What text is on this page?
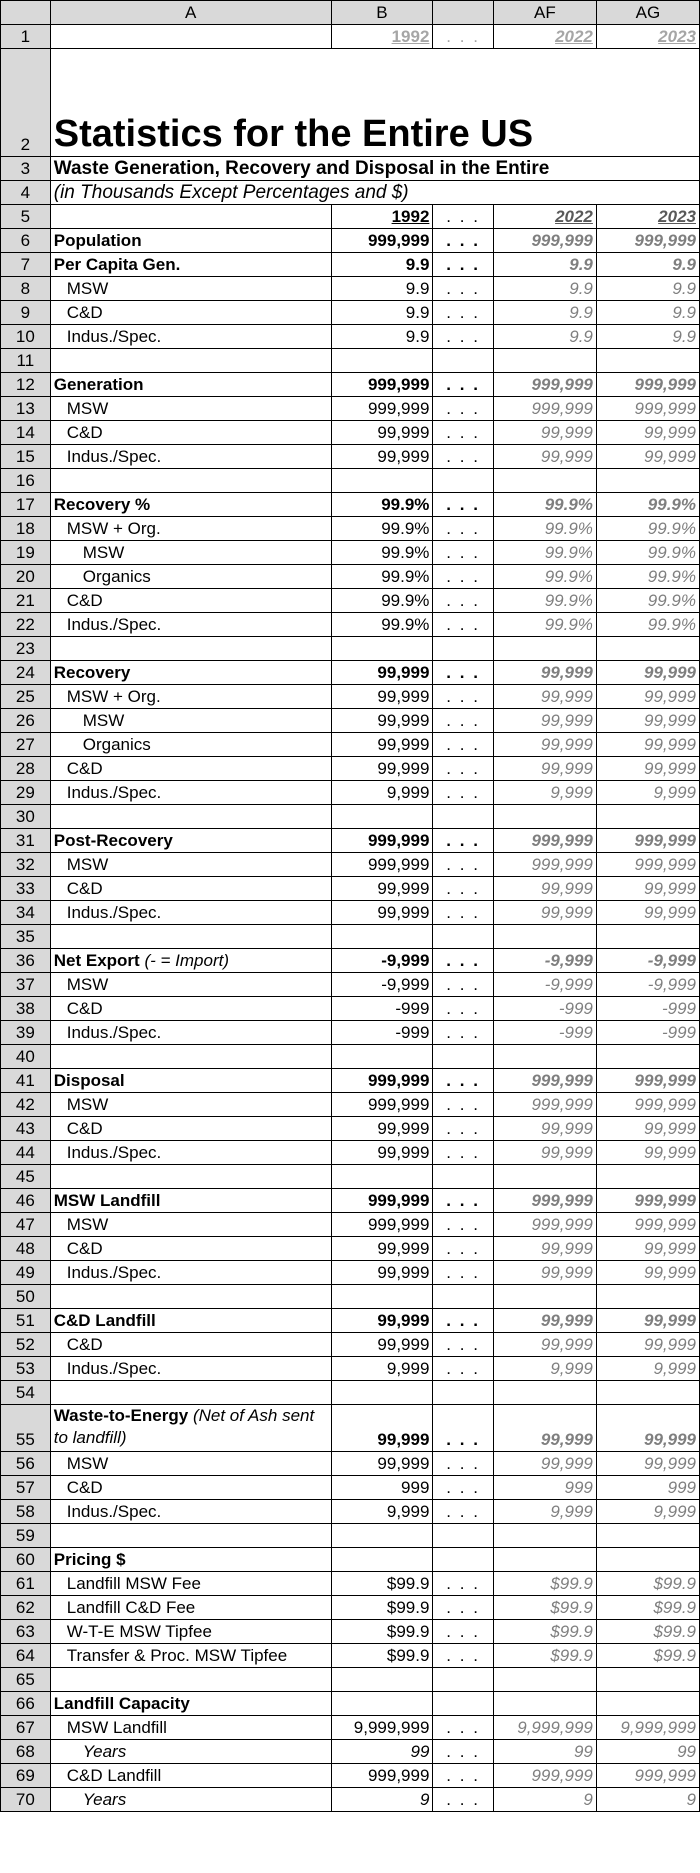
	A	B		AF	AG
1		1992	. . .	2022	2023
2	Statistics for the Entire US				
3	Waste Generation, Recovery and Disposal in the Entire				
4	(in Thousands Except Percentages and $)				
5		1992	. . .	2022	2023
6	Population	999,999	. . .	999,999	999,999
7	Per Capita Gen.	9.9	. . .	9.9	9.9
8	MSW	9.9	. . .	9.9	9.9
9	C&D	9.9	. . .	9.9	9.9
10	Indus./Spec.	9.9	. . .	9.9	9.9
11					
12	Generation	999,999	. . .	999,999	999,999
13	MSW	999,999	. . .	999,999	999,999
14	C&D	99,999	. . .	99,999	99,999
15	Indus./Spec.	99,999	. . .	99,999	99,999
16					
17	Recovery %	99.9%	. . .	99.9%	99.9%
18	MSW + Org.	99.9%	. . .	99.9%	99.9%
19	MSW	99.9%	. . .	99.9%	99.9%
20	Organics	99.9%	. . .	99.9%	99.9%
21	C&D	99.9%	. . .	99.9%	99.9%
22	Indus./Spec.	99.9%	. . .	99.9%	99.9%
23					
24	Recovery	99,999	. . .	99,999	99,999
25	MSW + Org.	99,999	. . .	99,999	99,999
26	MSW	99,999	. . .	99,999	99,999
27	Organics	99,999	. . .	99,999	99,999
28	C&D	99,999	. . .	99,999	99,999
29	Indus./Spec.	9,999	. . .	9,999	9,999
30					
31	Post-Recovery	999,999	. . .	999,999	999,999
32	MSW	999,999	. . .	999,999	999,999
33	C&D	99,999	. . .	99,999	99,999
34	Indus./Spec.	99,999	. . .	99,999	99,999
35					
36	Net Export (- = Import)	-9,999	. . .	-9,999	-9,999
37	MSW	-9,999	. . .	-9,999	-9,999
38	C&D	-999	. . .	-999	-999
39	Indus./Spec.	-999	. . .	-999	-999
40					
41	Disposal	999,999	. . .	999,999	999,999
42	MSW	999,999	. . .	999,999	999,999
43	C&D	99,999	. . .	99,999	99,999
44	Indus./Spec.	99,999	. . .	99,999	99,999
45					
46	MSW Landfill	999,999	. . .	999,999	999,999
47	MSW	999,999	. . .	999,999	999,999
48	C&D	99,999	. . .	99,999	99,999
49	Indus./Spec.	99,999	. . .	99,999	99,999
50					
51	C&D Landfill	99,999	. . .	99,999	99,999
52	C&D	99,999	. . .	99,999	99,999
53	Indus./Spec.	9,999	. . .	9,999	9,999
54					
55	Waste-to-Energy (Net of Ash sent to landfill)	99,999	. . .	99,999	99,999
56	MSW	99,999	. . .	99,999	99,999
57	C&D	999	. . .	999	999
58	Indus./Spec.	9,999	. . .	9,999	9,999
59					
60	Pricing $				
61	Landfill MSW Fee	$99.9	. . .	$99.9	$99.9
62	Landfill C&D Fee	$99.9	. . .	$99.9	$99.9
63	W-T-E MSW Tipfee	$99.9	. . .	$99.9	$99.9
64	Transfer & Proc. MSW Tipfee	$99.9	. . .	$99.9	$99.9
65					
66	Landfill Capacity				
67	MSW Landfill	9,999,999	. . .	9,999,999	9,999,999
68	Years	99	. . .	99	99
69	C&D Landfill	999,999	. . .	999,999	999,999
70	Years	9	. . .	9	9
